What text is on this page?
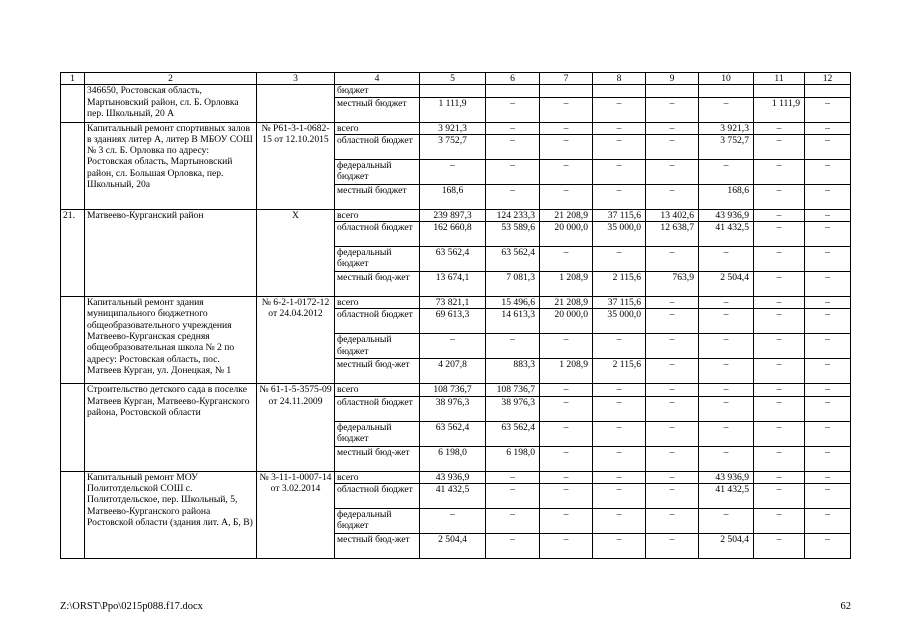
1	2	3	4	5	6	7	8	9	10	11	12
	346650, Ростовская область, Мартыновский район, сл. Б. Орловка пер. Школьный, 20 А		бюджет								
			местный бюджет	1 111,9	–	–	–	–	–	1 111,9	–
	Капитальный ремонт спортивных залов в зданиях литер А, литер В МБОУ СОШ № 3 сл. Б. Орловка по адресу: Ростовская область, Мартыновский район, сл. Большая Орловка, пер. Школьный, 20а	№ Р61-3-1-0682-15 от 12.10.2015	всего	3 921,3	–	–	–	–	3 921,3	–	–
			областной бюджет	3 752,7	–	–	–	–	3 752,7	–	–
			федеральный бюджет	–	–	–	–	–	–	–	–
			местный бюджет	168,6	–	–	–	–	168,6	–	–
21.	Матвеево-Курганский район	Х	всего	239 897,3	124 233,3	21 208,9	37 115,6	13 402,6	43 936,9	–	–
			областной бюджет	162 660,8	53 589,6	20 000,0	35 000,0	12 638,7	41 432,5	–	–
			федеральный бюджет	63 562,4	63 562,4	–	–	–	–	–	–
			местный бюд-жет	13 674,1	7 081,3	1 208,9	2 115,6	763,9	2 504,4	–	–
	Капитальный ремонт здания муниципального бюджетного общеобразовательного учреждения Матвеево-Курганская средняя общеобразовательная школа № 2 по адресу: Ростовская область, пос. Матвеев Курган, ул. Донецкая, № 1	№ 6-2-1-0172-12 от 24.04.2012	всего	73 821,1	15 496,6	21 208,9	37 115,6	–	–	–	–
			областной бюджет	69 613,3	14 613,3	20 000,0	35 000,0	–	–	–	–
			федеральный бюджет	–	–	–	–	–	–	–	–
			местный бюд-жет	4 207,8	883,3	1 208,9	2 115,6	–	–	–	–
	Строительство детского сада в поселке Матвеев Курган, Матвеево-Курганского района, Ростовской области	№ 61-1-5-3575-09 от 24.11.2009	всего	108 736,7	108 736,7	–	–	–	–	–	–
			областной бюджет	38 976,3	38 976,3	–	–	–	–	–	–
			федеральный бюджет	63 562,4	63 562,4	–	–	–	–	–	–
			местный бюд-жет	6 198,0	6 198,0	–	–	–	–	–	–
	Капитальный ремонт МОУ Политотдельской СОШ с. Политотдельское, пер. Школьный, 5, Матвеево-Курганского района Ростовской области (здания лит. А, Б, В)	№ 3-11-1-0007-14 от 3.02.2014	всего	43 936,9	–	–	–	–	43 936,9	–	–
			областной бюджет	41 432,5	–	–	–	–	41 432,5	–	–
			федеральный бюджет	–	–	–	–	–	–	–	–
			местный бюд-жет	2 504,4	–	–	–	–	2 504,4	–	–
Z:\ORST\Ppo\0215p088.f17.docx	62
